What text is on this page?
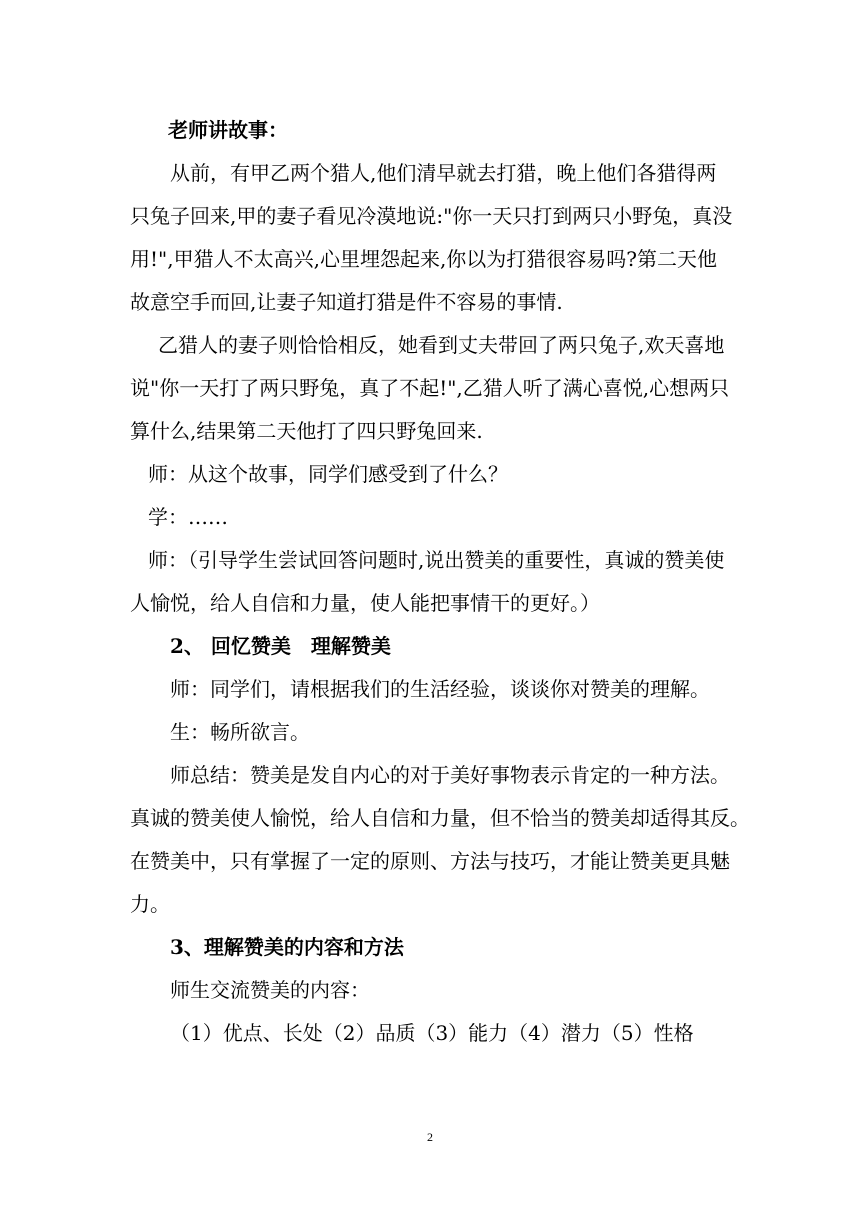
老师讲故事：
从前，有甲乙两个猎人,他们清早就去打猎，晚上他们各猎得两
只兔子回来,甲的妻子看见冷漠地说:"你一天只打到两只小野兔，真没
用!",甲猎人不太高兴,心里埋怨起来,你以为打猎很容易吗?第二天他
故意空手而回,让妻子知道打猎是件不容易的事情.
乙猎人的妻子则恰恰相反，她看到丈夫带回了两只兔子,欢天喜地
说"你一天打了两只野兔，真了不起!",乙猎人听了满心喜悦,心想两只
算什么,结果第二天他打了四只野兔回来.
师：从这个故事，同学们感受到了什么？
学：……
师：（引导学生尝试回答问题时,说出赞美的重要性，真诚的赞美使
人愉悦，给人自信和力量，使人能把事情干的更好。）
2、 回忆赞美　理解赞美
师：同学们，请根据我们的生活经验，谈谈你对赞美的理解。
生：畅所欲言。
师总结：赞美是发自内心的对于美好事物表示肯定的一种方法。
真诚的赞美使人愉悦，给人自信和力量，但不恰当的赞美却适得其反。
在赞美中，只有掌握了一定的原则、方法与技巧，才能让赞美更具魅
力。
3、理解赞美的内容和方法
师生交流赞美的内容：
（1）优点、长处（2）品质（3）能力（4）潜力（5）性格
2
